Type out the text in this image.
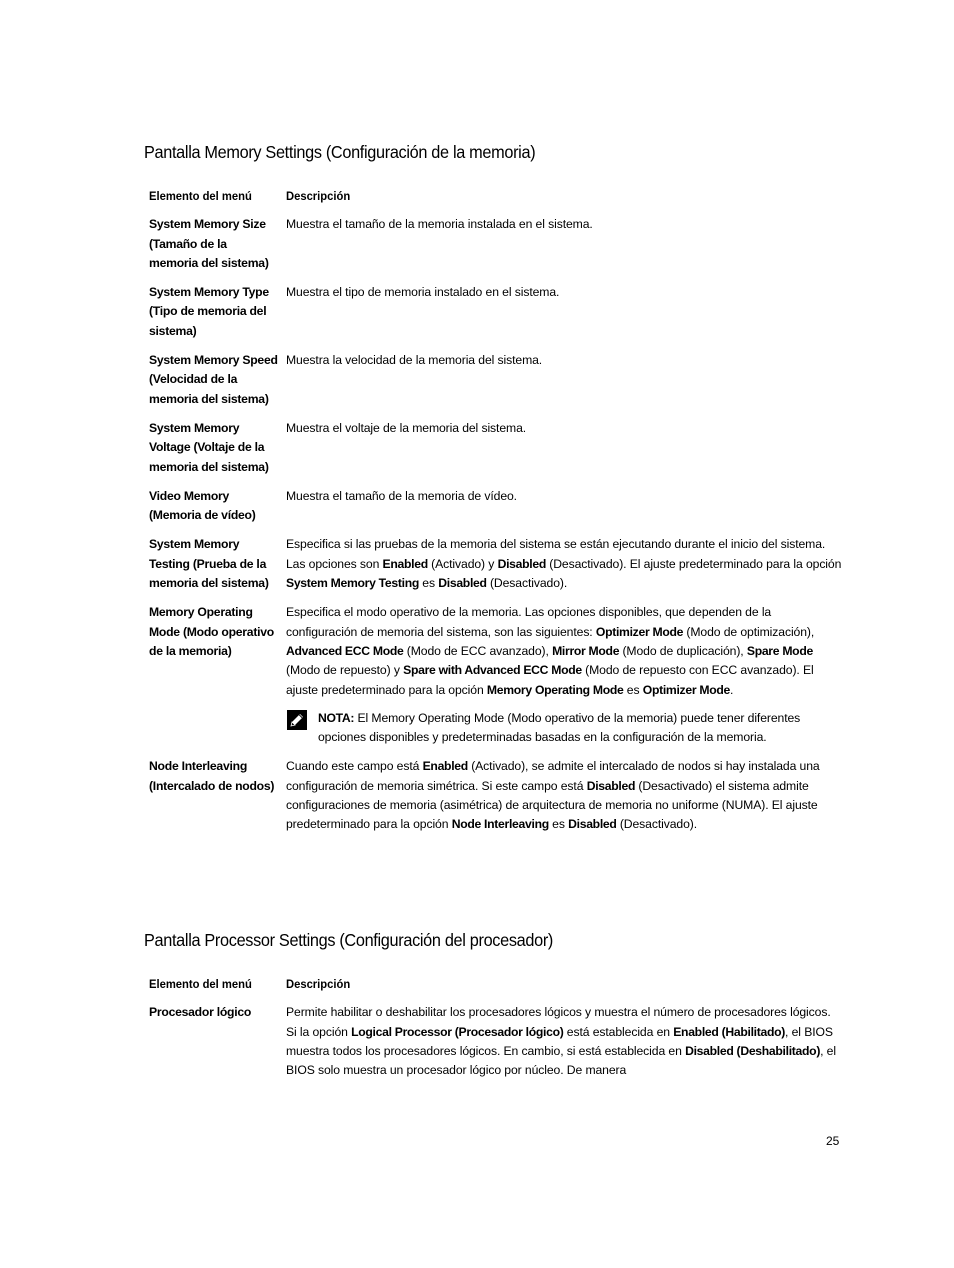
Pantalla Memory Settings (Configuración de la memoria)
Elemento del menú	Descripción
System Memory Size (Tamaño de la memoria del sistema)	Muestra el tamaño de la memoria instalada en el sistema.
System Memory Type (Tipo de memoria del sistema)	Muestra el tipo de memoria instalado en el sistema.
System Memory Speed (Velocidad de la memoria del sistema)	Muestra la velocidad de la memoria del sistema.
System Memory Voltage (Voltaje de la memoria del sistema)	Muestra el voltaje de la memoria del sistema.
Video Memory (Memoria de vídeo)	Muestra el tamaño de la memoria de vídeo.
System Memory Testing (Prueba de la memoria del sistema)	Especifica si las pruebas de la memoria del sistema se están ejecutando durante el inicio del sistema. Las opciones son Enabled (Activado) y Disabled (Desactivado). El ajuste predeterminado para la opción System Memory Testing es Disabled (Desactivado).
Memory Operating Mode (Modo operativo de la memoria)	Especifica el modo operativo de la memoria. Las opciones disponibles, que dependen de la configuración de memoria del sistema, son las siguientes: Optimizer Mode (Modo de optimización), Advanced ECC Mode (Modo de ECC avanzado), Mirror Mode (Modo de duplicación), Spare Mode (Modo de repuesto) y Spare with Advanced ECC Mode (Modo de repuesto con ECC avanzado). El ajuste predeterminado para la opción Memory Operating Mode es Optimizer Mode.
NOTA: El Memory Operating Mode (Modo operativo de la memoria) puede tener diferentes opciones disponibles y predeterminadas basadas en la configuración de la memoria.

Node Interleaving (Intercalado de nodos)	Cuando este campo está Enabled (Activado), se admite el intercalado de nodos si hay instalada una configuración de memoria simétrica. Si este campo está Disabled (Desactivado) el sistema admite configuraciones de memoria (asimétrica) de arquitectura de memoria no uniforme (NUMA). El ajuste predeterminado para la opción Node Interleaving es Disabled (Desactivado).
Pantalla Processor Settings (Configuración del procesador)
Elemento del menú	Descripción
Procesador lógico	Permite habilitar o deshabilitar los procesadores lógicos y muestra el número de procesadores lógicos. Si la opción Logical Processor (Procesador lógico) está establecida en Enabled (Habilitado), el BIOS muestra todos los procesadores lógicos. En cambio, si está establecida en Disabled (Deshabilitado), el BIOS solo muestra un procesador lógico por núcleo. De manera
25
